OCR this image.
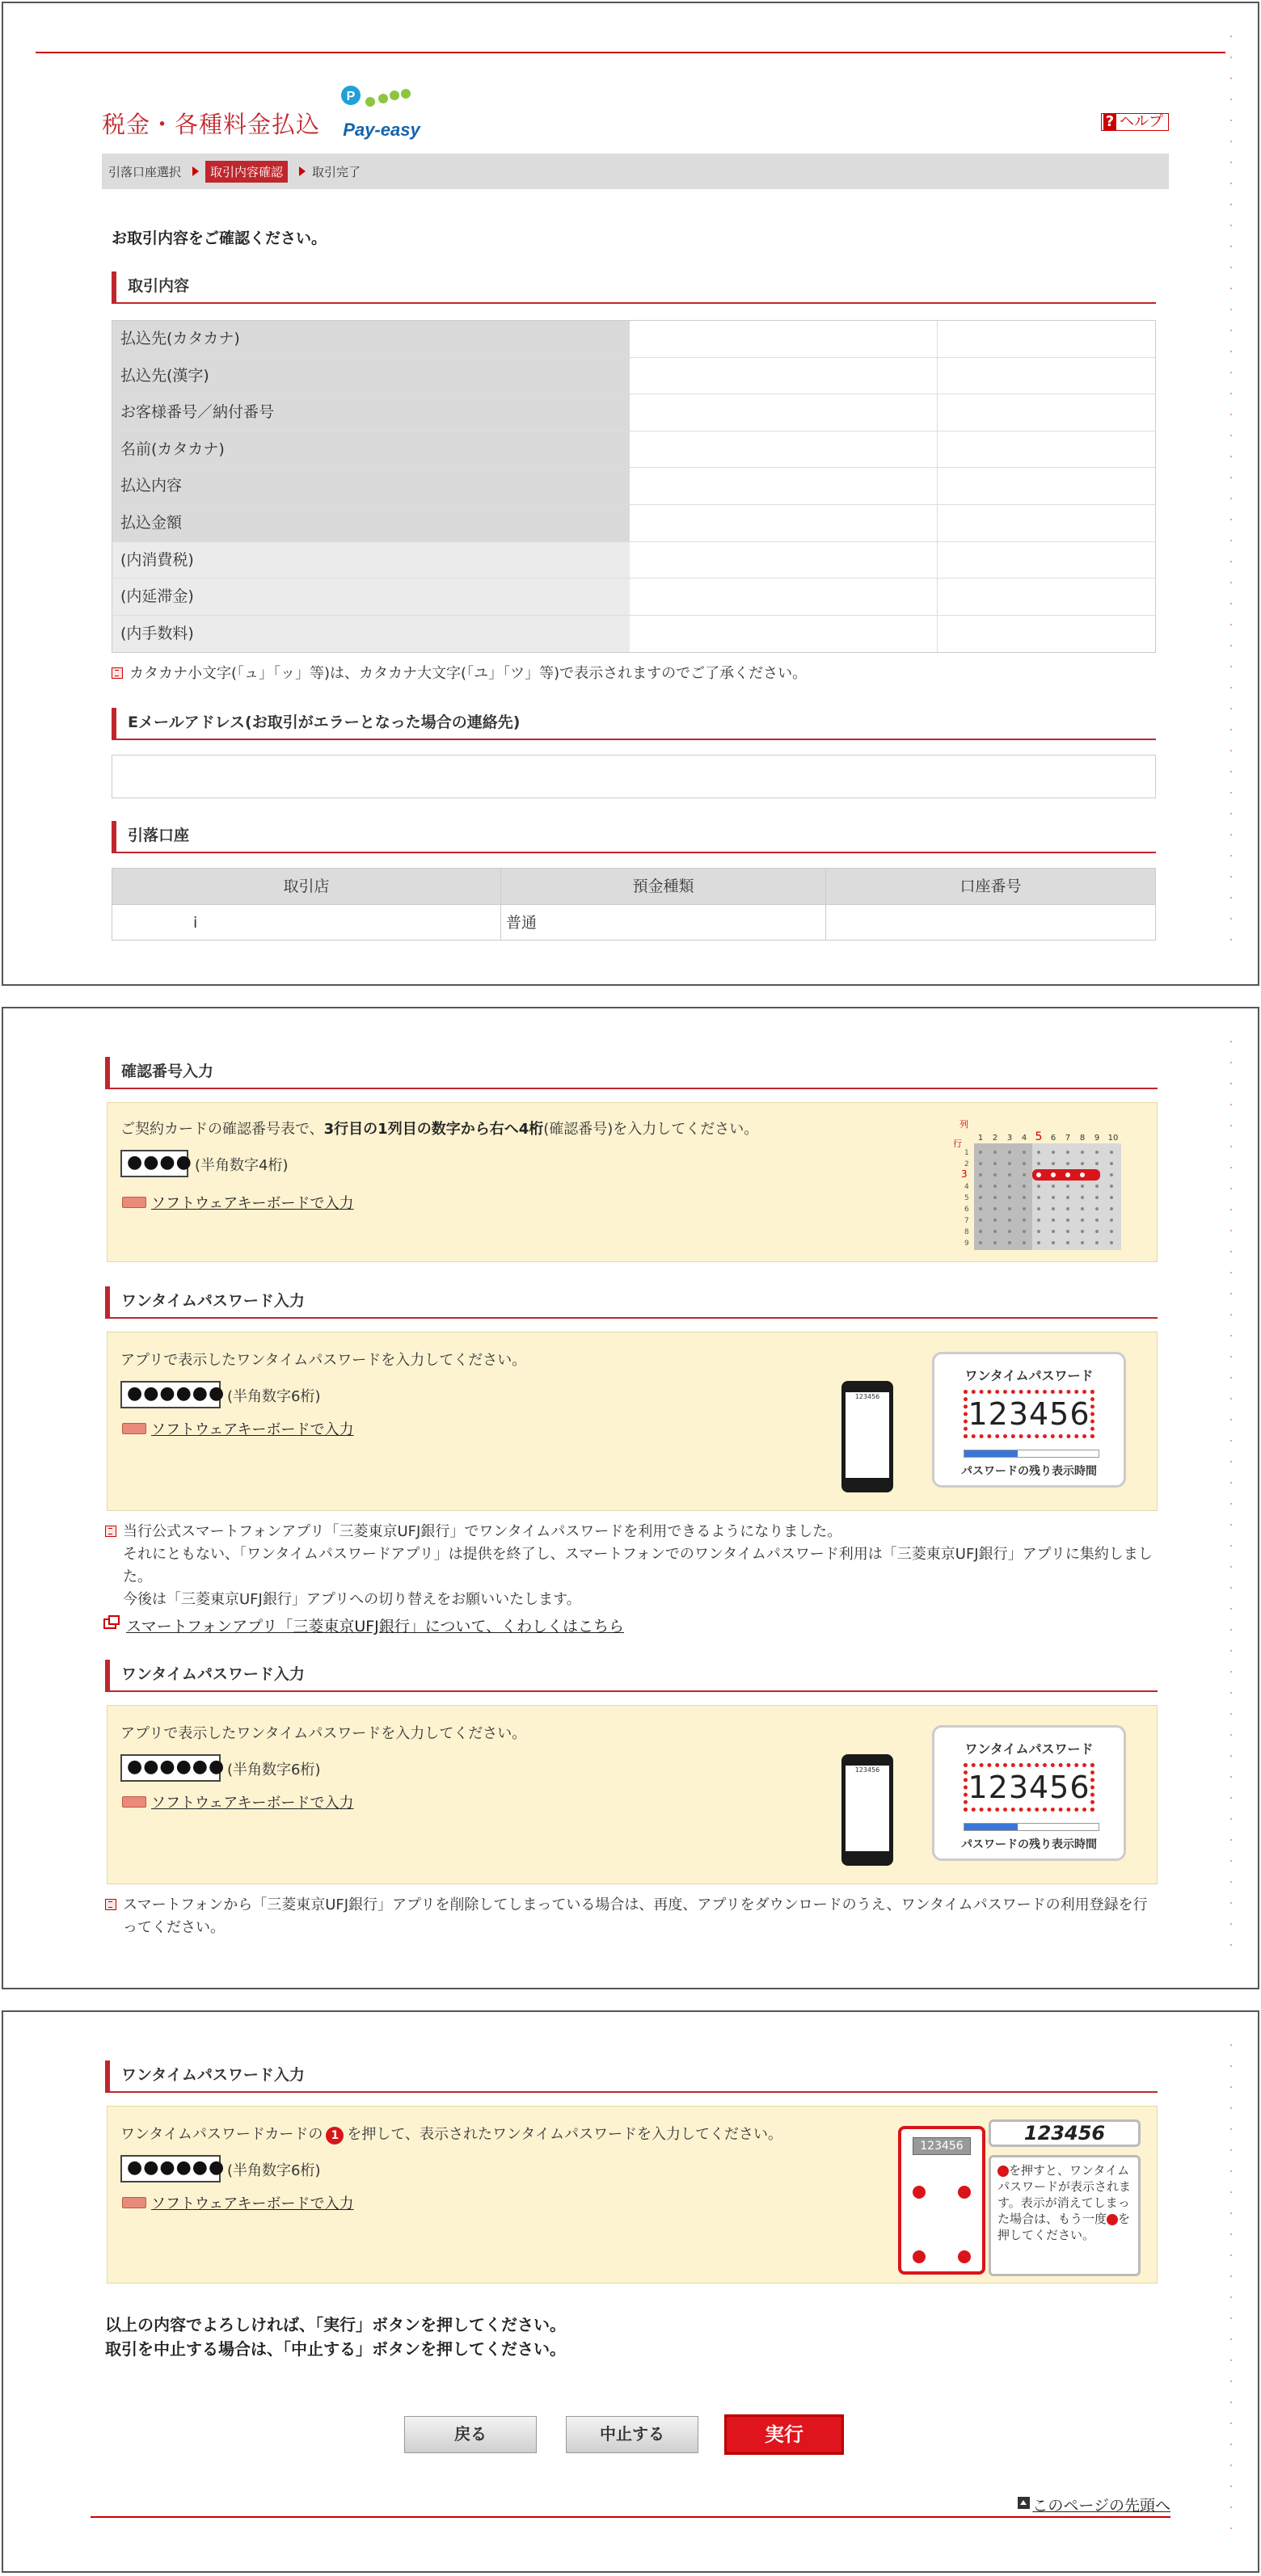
税金・各種料金払込
P
Pay-easy	? ヘルプ
引落口座選択	取引内容確認	取引完了
お取引内容をご確認ください。
取引内容
払込先(カタカナ)
払込先(漢字)
お客様番号／納付番号
名前(カタカナ)
払込内容
払込金額
(内消費税)
(内延滞金)
(内手数料)
カタカナ小文字(「ュ」「ッ」等)は、カタカナ大文字(「ユ」「ツ」等)で表示されますのでご了承ください。
Eメールアドレス(お取引がエラーとなった場合の連絡先)
引落口座
取引店	預金種類	口座番号
i	普通
確認番号入力
ご契約カードの確認番号表で、3行目の1列目の数字から右へ4桁(確認番号)を入力してください。
●●●● (半角数字4桁)
ソフトウェアキーボードで入力
列
行
1 2 3 4 5 6 7 8 9 10
1
2
3
4
5
6
7
8
9
ワンタイムパスワード入力
アプリで表示したワンタイムパスワードを入力してください。
●●●●●● (半角数字6桁)
ソフトウェアキーボードで入力
123456
ワンタイムパスワード
123456
パスワードの残り表示時間
当行公式スマートフォンアプリ「三菱東京UFJ銀行」でワンタイムパスワードを利用できるようになりました。
それにともない、「ワンタイムパスワードアプリ」は提供を終了し、スマートフォンでのワンタイムパスワード利用は「三菱東京UFJ銀行」アプリに集約しました。
今後は「三菱東京UFJ銀行」アプリへの切り替えをお願いいたします。
スマートフォンアプリ「三菱東京UFJ銀行」について、くわしくはこちら
ワンタイムパスワード入力
アプリで表示したワンタイムパスワードを入力してください。
●●●●●● (半角数字6桁)
ソフトウェアキーボードで入力
123456
ワンタイムパスワード
123456
パスワードの残り表示時間
スマートフォンから「三菱東京UFJ銀行」アプリを削除してしまっている場合は、再度、アプリをダウンロードのうえ、ワンタイムパスワードの利用登録を行ってください。
ワンタイムパスワード入力
ワンタイムパスワードカードの 1 を押して、表示されたワンタイムパスワードを入力してください。
●●●●●● (半角数字6桁)
ソフトウェアキーボードで入力
123456
123456
を押すと、ワンタイムパスワードが表示されます。表示が消えてしまった場合は、もう一度 を押してください。
以上の内容でよろしければ、「実行」ボタンを押してください。
取引を中止する場合は、「中止する」ボタンを押してください。
戻る	中止する	実行
このページの先頭へ
